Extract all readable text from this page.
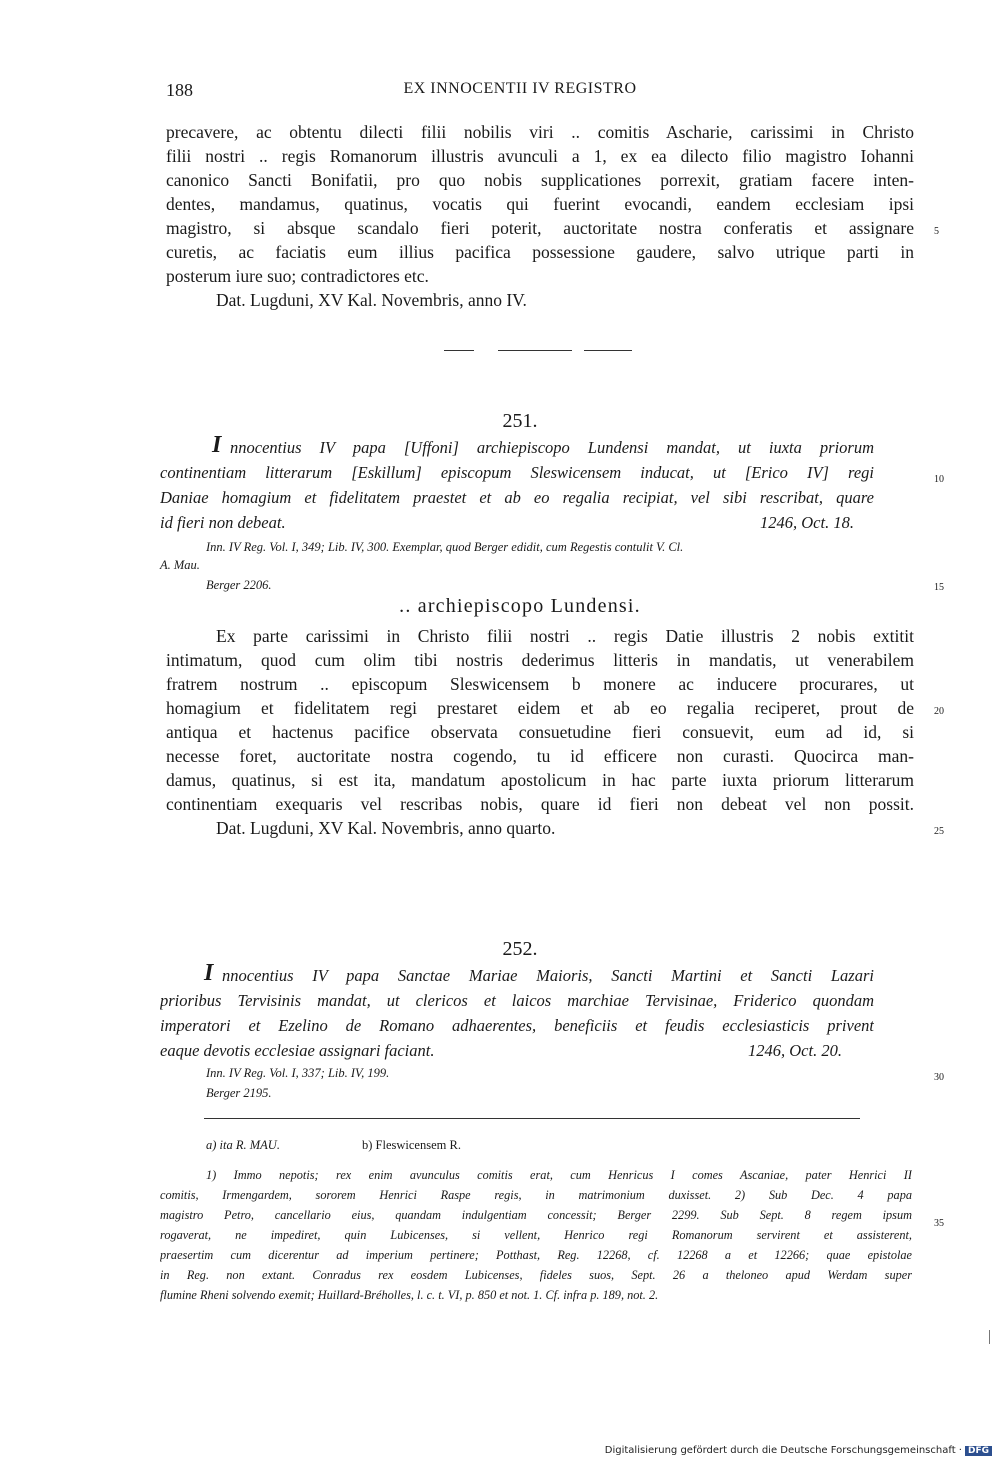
188	EX INNOCENTII IV REGISTRO
precavere, ac obtentu dilecti filii nobilis viri .. comitis Ascharie, carissimi in Christo
filii nostri .. regis Romanorum illustris avunculi a 1, ex ea dilecto filio magistro Iohanni
canonico Sancti Bonifatii, pro quo nobis supplicationes porrexit, gratiam facere inten-
dentes, mandamus, quatinus, vocatis qui fuerint evocandi, eandem ecclesiam ipsi
magistro, si absque scandalo fieri poterit, auctoritate nostra conferatis et assignare
curetis, ac faciatis eum illius pacifica possessione gaudere, salvo utrique parti in
posterum iure suo; contradictores etc.
Dat. Lugduni, XV Kal. Novembris, anno IV.
5
251.
I nnocentius IV papa [Uffoni] archiepiscopo Lundensi mandat, ut iuxta priorum
continentiam litterarum [Eskillum] episcopum Sleswicensem inducat, ut [Erico IV] regi
Daniae homagium et fidelitatem praestet et ab eo regalia recipiat, vel sibi rescribat, quare
id fieri non debeat.	1246, Oct. 18.
10
Inn. IV Reg. Vol. I, 349; Lib. IV, 300. Exemplar, quod Berger edidit, cum Regestis contulit V. Cl.
A. Mau.
Berger 2206.	15
.. archiepiscopo Lundensi.
Ex parte carissimi in Christo filii nostri .. regis Datie illustris 2 nobis extitit
intimatum, quod cum olim tibi nostris dederimus litteris in mandatis, ut venerabilem
fratrem nostrum .. episcopum Sleswicensem b monere ac inducere procurares, ut
homagium et fidelitatem regi prestaret eidem et ab eo regalia reciperet, prout de
antiqua et hactenus pacifice observata consuetudine fieri consuevit, eum ad id, si
necesse foret, auctoritate nostra cogendo, tu id efficere non curasti. Quocirca man-
damus, quatinus, si est ita, mandatum apostolicum in hac parte iuxta priorum litterarum
continentiam exequaris vel rescribas nobis, quare id fieri non debeat vel non possit.
Dat. Lugduni, XV Kal. Novembris, anno quarto.
20
25
252.
I nnocentius IV papa Sanctae Mariae Maioris, Sancti Martini et Sancti Lazari
prioribus Tervisinis mandat, ut clericos et laicos marchiae Tervisinae, Friderico quondam
imperatori et Ezelino de Romano adhaerentes, beneficiis et feudis ecclesiasticis privent
eaque devotis ecclesiae assignari faciant.	1246, Oct. 20.
Inn. IV Reg. Vol. I, 337; Lib. IV, 199.
Berger 2195.
30
a) ita R. MAU.	b) Fleswicensem R.
1) Immo nepotis; rex enim avunculus comitis erat, cum Henricus I comes Ascaniae, pater Henrici II
comitis, Irmengardem, sororem Henrici Raspe regis, in matrimonium duxisset. 2) Sub Dec. 4 papa
magistro Petro, cancellario eius, quandam indulgentiam concessit; Berger 2299. Sub Sept. 8 regem ipsum
rogaverat, ne impediret, quin Lubicenses, si vellent, Henrico regi Romanorum servirent et assisterent,
praesertim cum dicerentur ad imperium pertinere; Potthast, Reg. 12268, cf. 12268 a et 12266; quae epistolae
in Reg. non extant. Conradus rex eosdem Lubicenses, fideles suos, Sept. 26 a theloneo apud Werdam super
flumine Rheni solvendo exemit; Huillard-Bréholles, l. c. t. VI, p. 850 et not. 1. Cf. infra p. 189, not. 2.
35
Digitalisierung gefördert durch die Deutsche Forschungsgemeinschaft · DFG
